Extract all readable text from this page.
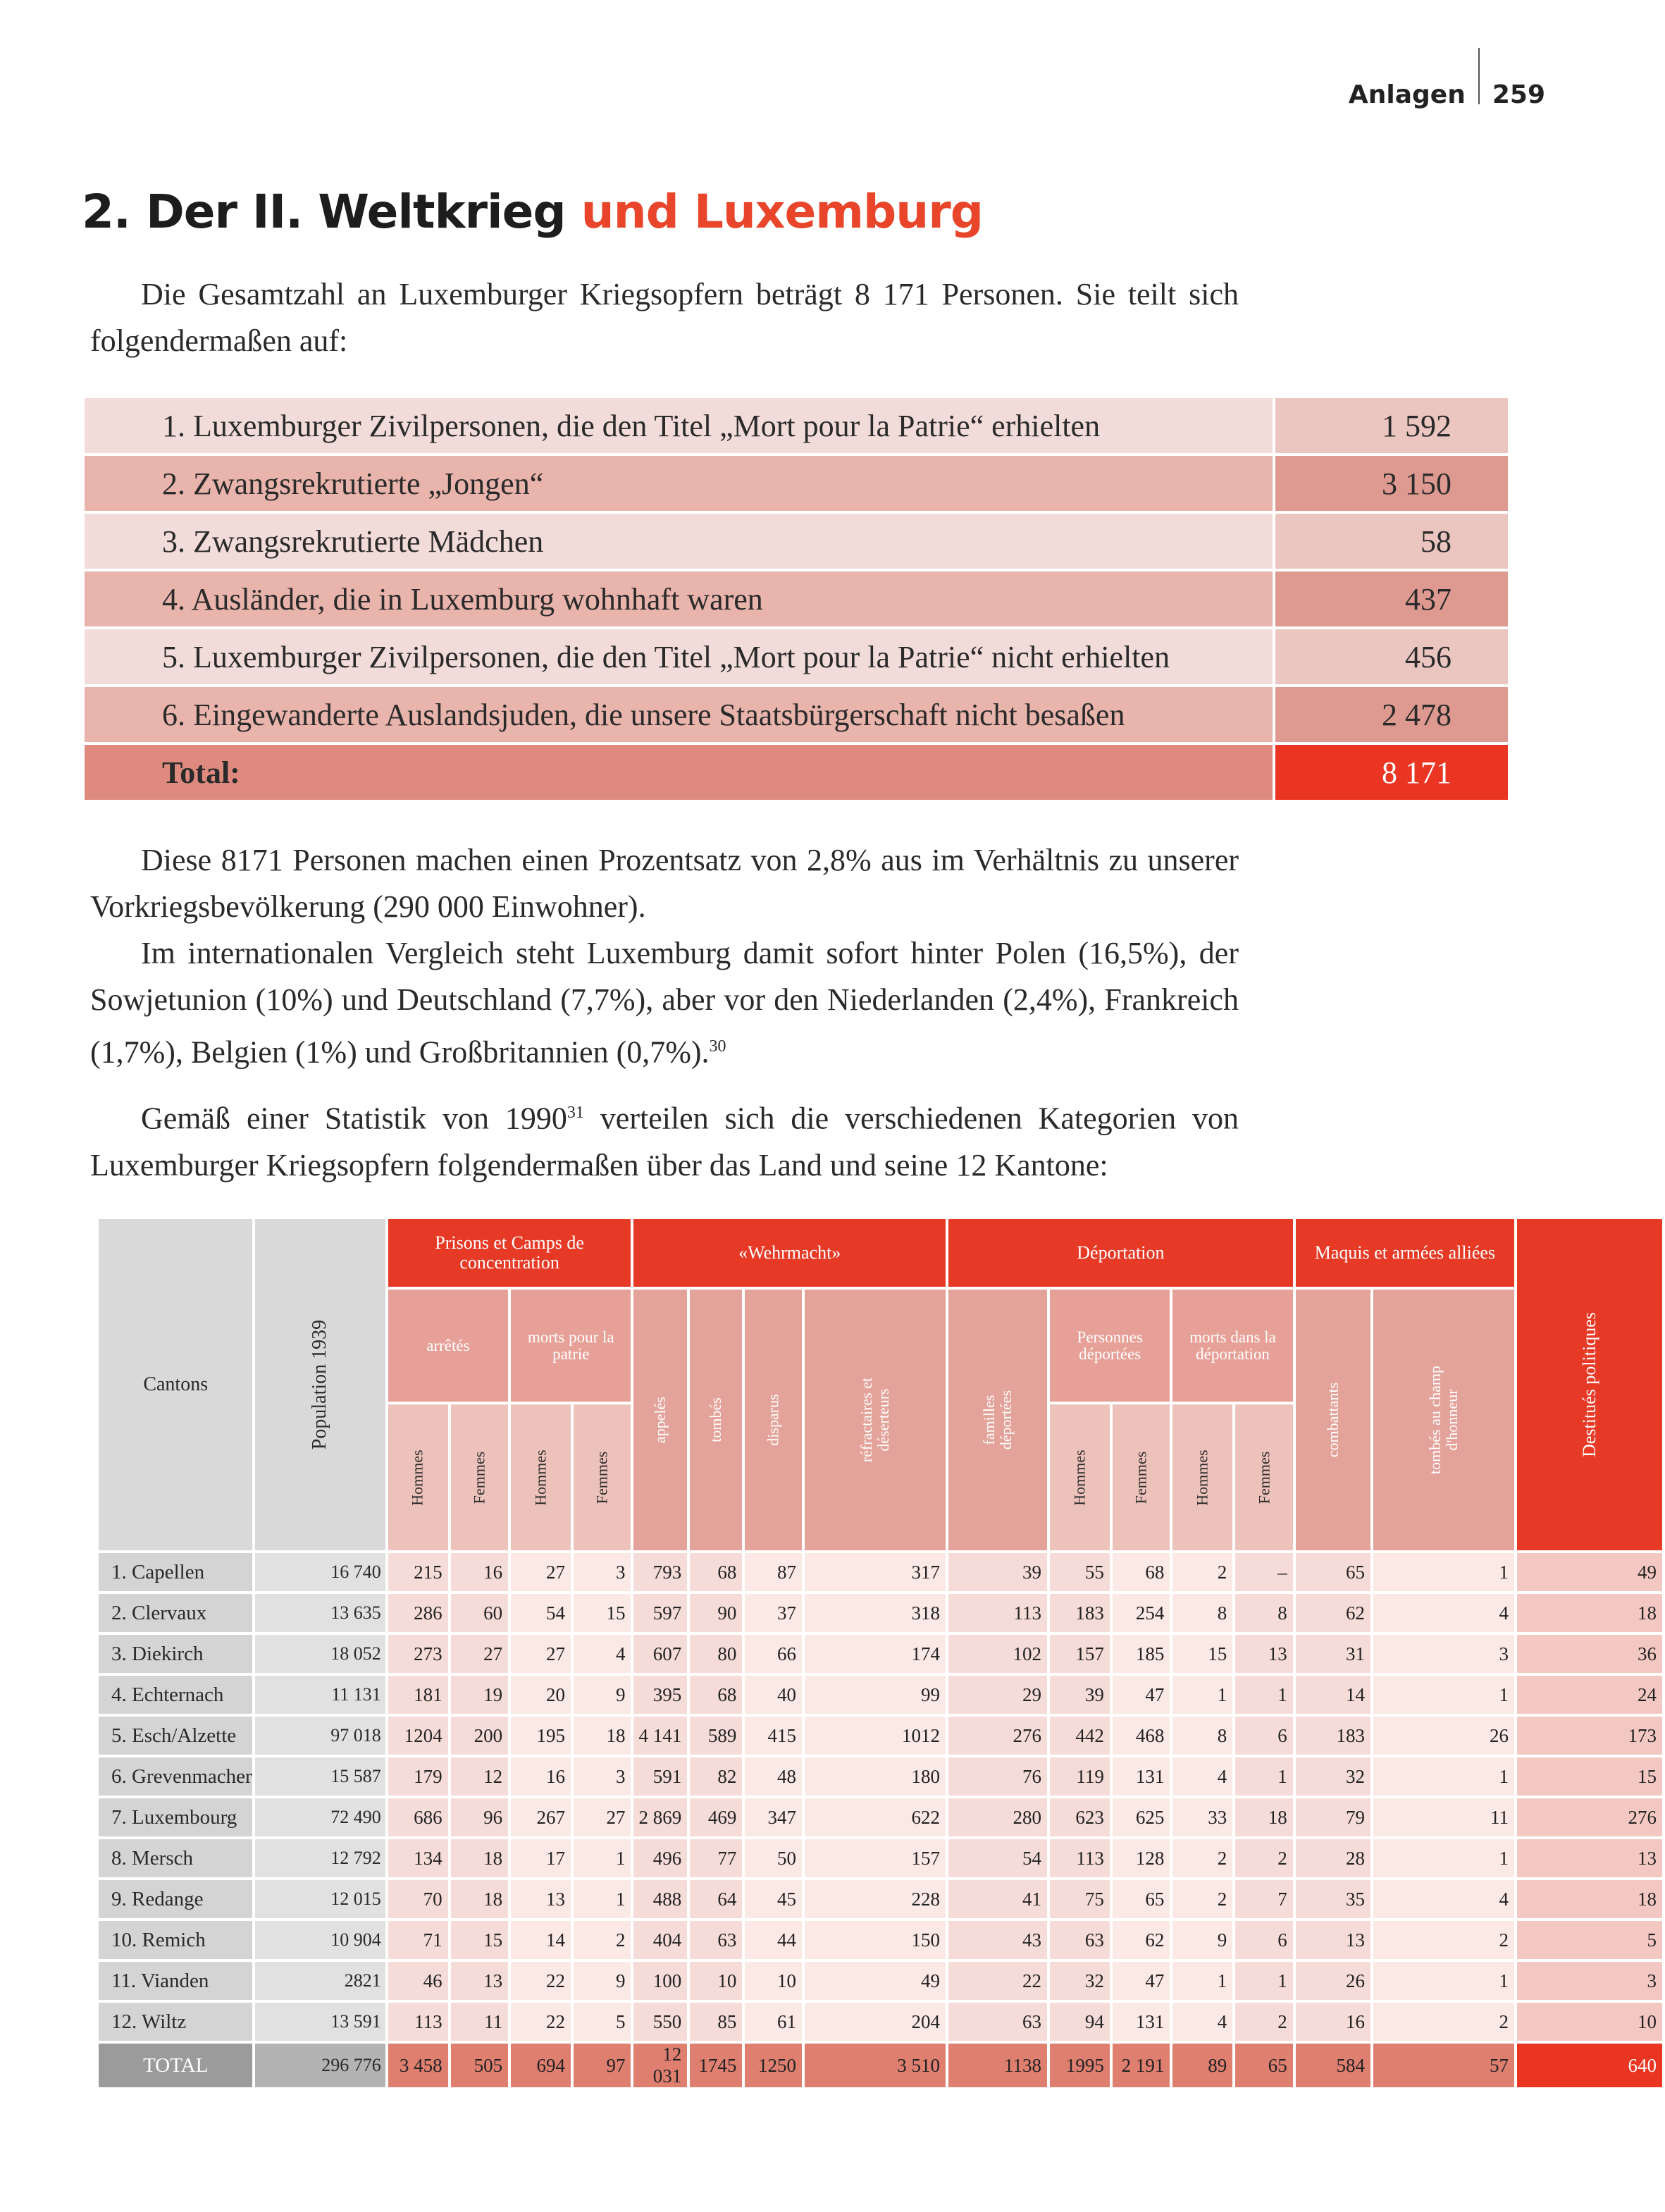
Anlagen 259
2. Der II. Weltkrieg und Luxemburg

Die Gesamtzahl an Luxemburger Kriegsopfern beträgt 8 171 Personen. Sie teilt sich folgendermaßen auf:

1. Luxemburger Zivilpersonen, die den Titel „Mort pour la Patrie“ erhielten	1 592
2. Zwangsrekrutierte „Jongen“	3 150
3. Zwangsrekrutierte Mädchen	58
4. Ausländer, die in Luxemburg wohnhaft waren	437
5. Luxemburger Zivilpersonen, die den Titel „Mort pour la Patrie“ nicht erhielten	456
6. Eingewanderte Auslandsjuden, die unsere Staatsbürgerschaft nicht besaßen	2 478
Total:	8 171

Diese 8171 Personen machen einen Prozentsatz von 2,8% aus im Verhältnis zu unserer Vorkriegsbevölkerung (290 000 Einwohner).

Im internationalen Vergleich steht Luxemburg damit sofort hinter Polen (16,5%), der Sowjetunion (10%) und Deutschland (7,7%), aber vor den Niederlanden (2,4%), Frankreich (1,7%), Belgien (1%) und Großbritannien (0,7%).$^{30}$

Gemäß einer Statistik von 1990$^{31}$ verteilen sich die verschiedenen Kategorien von Luxemburger Kriegsopfern folgendermaßen über das Land und seine 12 Kantone:

Cantons	Population 1939	Prisons et Camps de concentration				«Wehrmacht»				Déportation					Maquis et armées alliées		Destitués politiques
		arrêtés		morts pour la patrie		appelés	tombés	disparus	réfractaires et déserteurs	familles déportées	Personnes déportées		morts dans la déportation		combattants	tombés au champ d'honneur	
		Hommes	Femmes	Hommes	Femmes						Hommes	Femmes	Hommes	Femmes			
1. Capellen	16 740	215	16	27	3	793	68	87	317	39	55	68	2	–	65	1	49
2. Clervaux	13 635	286	60	54	15	597	90	37	318	113	183	254	8	8	62	4	18
3. Diekirch	18 052	273	27	27	4	607	80	66	174	102	157	185	15	13	31	3	36
4. Echternach	11 131	181	19	20	9	395	68	40	99	29	39	47	1	1	14	1	24
5. Esch/Alzette	97 018	1204	200	195	18	4 141	589	415	1012	276	442	468	8	6	183	26	173
6. Grevenmacher	15 587	179	12	16	3	591	82	48	180	76	119	131	4	1	32	1	15
7. Luxembourg	72 490	686	96	267	27	2 869	469	347	622	280	623	625	33	18	79	11	276
8. Mersch	12 792	134	18	17	1	496	77	50	157	54	113	128	2	2	28	1	13
9. Redange	12 015	70	18	13	1	488	64	45	228	41	75	65	2	7	35	4	18
10. Remich	10 904	71	15	14	2	404	63	44	150	43	63	62	9	6	13	2	5
11. Vianden	2821	46	13	22	9	100	10	10	49	22	32	47	1	1	26	1	3
12. Wiltz	13 591	113	11	22	5	550	85	61	204	63	94	131	4	2	16	2	10
TOTAL	296 776	3 458	505	694	97	12 031	1745	1250	3 510	1138	1995	2 191	89	65	584	57	640
